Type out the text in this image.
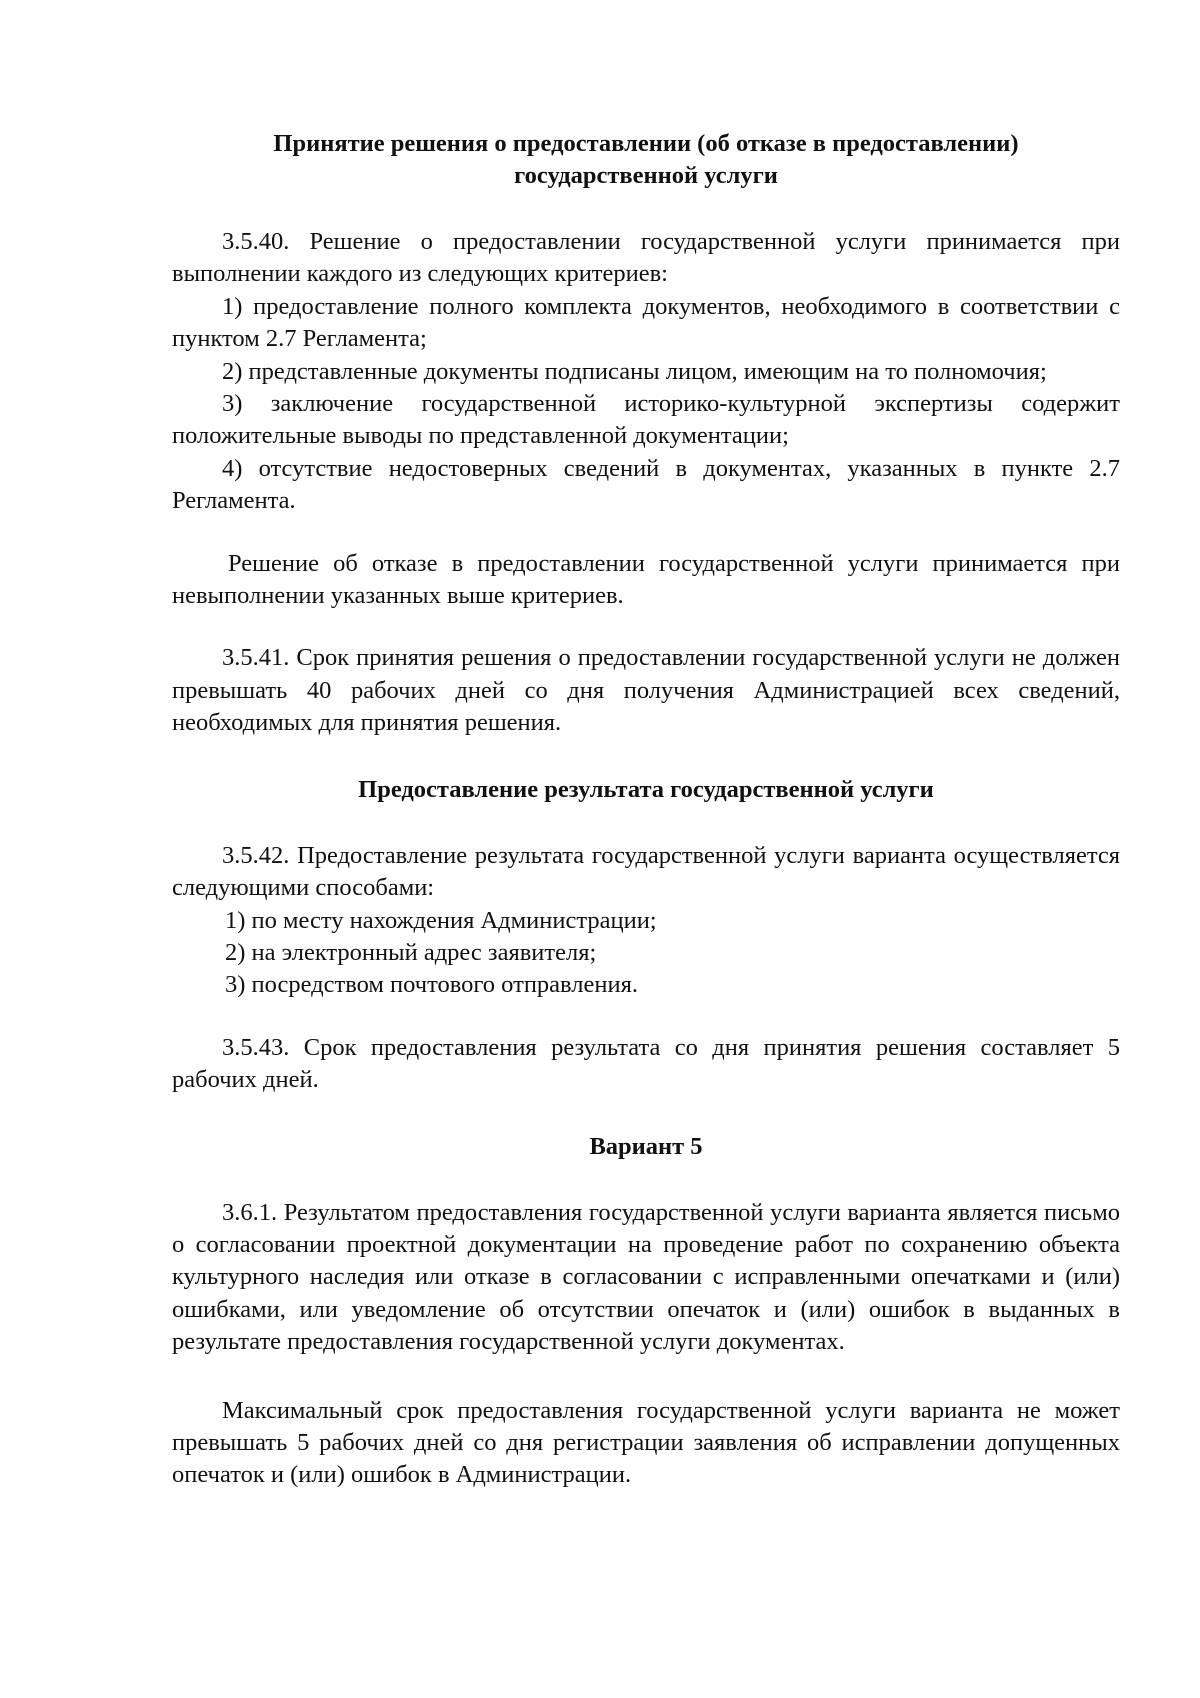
Принятие решения о предоставлении (об отказе в предоставлении)
государственной услуги

3.5.40. Решение о предоставлении государственной услуги принимается при выполнении каждого из следующих критериев:

1) предоставление полного комплекта документов, необходимого в соответствии с пунктом 2.7 Регламента;

2) представленные документы подписаны лицом, имеющим на то полномочия;

3) заключение государственной историко-культурной экспертизы содержит положительные выводы по представленной документации;

4) отсутствие недостоверных сведений в документах, указанных в пункте 2.7 Регламента.

Решение об отказе в предоставлении государственной услуги принимается при невыполнении указанных выше критериев.

3.5.41. Срок принятия решения о предоставлении государственной услуги не должен превышать 40 рабочих дней со дня получения Администрацией всех сведений, необходимых для принятия решения.

Предоставление результата государственной услуги

3.5.42. Предоставление результата государственной услуги варианта осуществляется следующими способами:

1) по месту нахождения Администрации;

2) на электронный адрес заявителя;

3) посредством почтового отправления.

3.5.43. Срок предоставления результата со дня принятия решения составляет 5 рабочих дней.

Вариант 5

3.6.1. Результатом предоставления государственной услуги варианта является письмо о согласовании проектной документации на проведение работ по сохранению объекта культурного наследия или отказе в согласовании с исправленными опечатками и (или) ошибками, или уведомление об отсутствии опечаток и (или) ошибок в выданных в результате предоставления государственной услуги документах.

Максимальный срок предоставления государственной услуги варианта не может превышать 5 рабочих дней со дня регистрации заявления об исправлении допущенных опечаток и (или) ошибок в Администрации.
